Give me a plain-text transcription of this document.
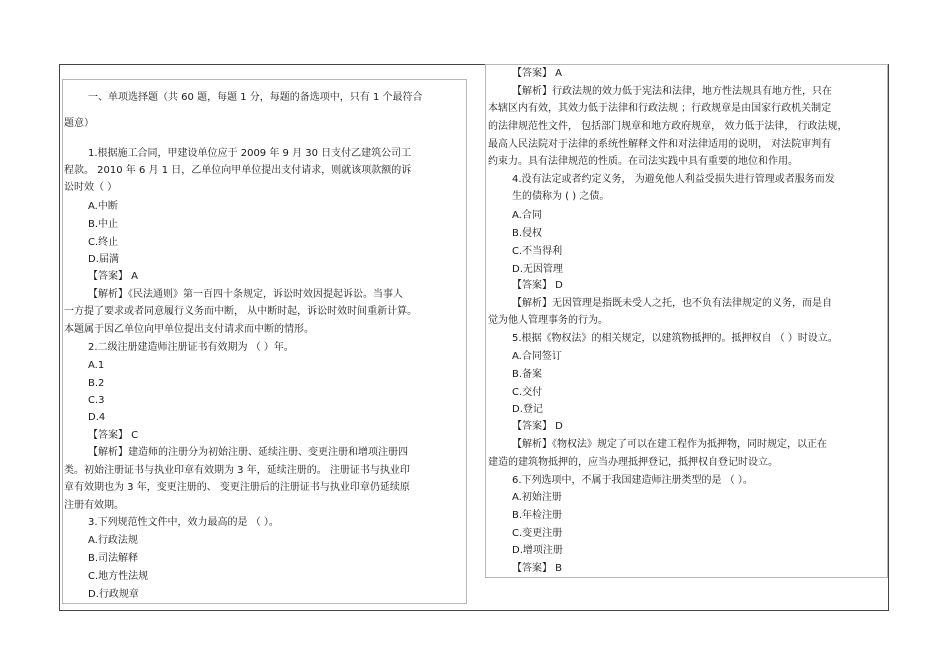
一、单项选择题（共 60 题，每题 1 分，每题的备选项中，只有 1 个最符合
题意）
1.根据施工合同，甲建设单位应于 2009 年 9 月 30 日支付乙建筑公司工
程款。 2010 年 6 月 1 日，乙单位向甲单位提出支付请求，则就该项款额的诉
讼时效（ ）
A.中断
B.中止
C.终止
D.届满
【答案】 A
【解析】《民法通则》第一百四十条规定，诉讼时效因提起诉讼。当事人
一方提了要求或者同意履行义务而中断， 从中断时起，诉讼时效时间重新计算。
本题属于因乙单位向甲单位提出支付请求而中断的情形。
2.二级注册建造师注册证书有效期为 （ ）年。
A.1
B.2
C.3
D.4
【答案】 C
【解析】建造师的注册分为初始注册、延续注册、变更注册和增项注册四
类。初始注册证书与执业印章有效期为 3 年，延续注册的。 注册证书与执业印
章有效期也为 3 年，变更注册的、 变更注册后的注册证书与执业印章仍延续原
注册有效期。
3.下列规范性文件中，效力最高的是 （ ）。
A.行政法规
B.司法解释
C.地方性法规
D.行政规章
【答案】 A
【解析】行政法规的效力低于宪法和法律，地方性法规具有地方性，只在
本辖区内有效，其效力低于法律和行政法规 ；行政规章是由国家行政机关制定
的法律规范性文件， 包括部门规章和地方政府规章， 效力低于法律， 行政法规，
最高人民法院对于法律的系统性解释文件和对法律适用的说明， 对法院审判有
约束力。具有法律规范的性质。在司法实践中具有重要的地位和作用。
4.没有法定或者约定义务， 为避免他人利益受损失进行管理或者服务而发
生的债称为 ( ) 之债。
A.合同
B.侵权
C.不当得利
D.无因管理
【答案】 D
【解析】无因管理是指既未受人之托，也不负有法律规定的义务，而是自
觉为他人管理事务的行为。
5.根据《物权法》的相关规定，以建筑物抵押的。抵押权自 （ ）时设立。
A.合同签订
B.备案
C.交付
D.登记
【答案】 D
【解析】《物权法》规定了可以在建工程作为抵押物，同时规定，以正在
建造的建筑物抵押的，应当办理抵押登记，抵押权自登记时设立。
6.下列选项中，不属于我国建造师注册类型的是 （ ）。
A.初始注册
B.年检注册
C.变更注册
D.增项注册
【答案】 B
